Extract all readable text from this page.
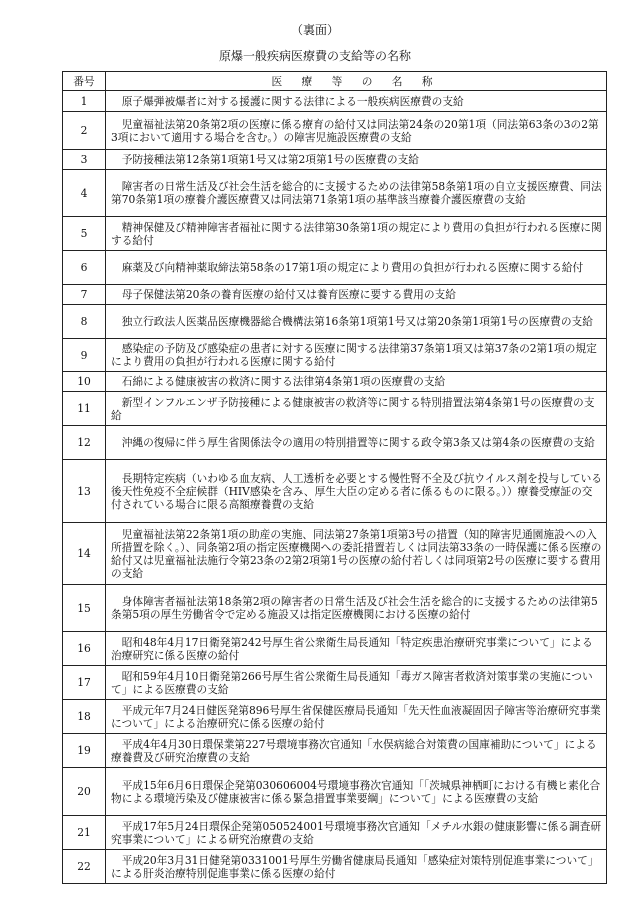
（裏面）
原爆一般疾病医療費の支給等の名称
番号	医 療 等 の 名 称
1	原子爆弾被爆者に対する援護に関する法律による一般疾病医療費の支給
2	児童福祉法第20条第2項の医療に係る療育の給付又は同法第24条の20第1項（同法第63条の3の2第3項において適用する場合を含む。）の障害児施設医療費の支給
3	予防接種法第12条第1項第1号又は第2項第1号の医療費の支給
4	障害者の日常生活及び社会生活を総合的に支援するための法律第58条第1項の自立支援医療費、同法第70条第1項の療養介護医療費又は同法第71条第1項の基準該当療養介護医療費の支給
5	精神保健及び精神障害者福祉に関する法律第30条第1項の規定により費用の負担が行われる医療に関する給付
6	麻薬及び向精神薬取締法第58条の17第1項の規定により費用の負担が行われる医療に関する給付
7	母子保健法第20条の養育医療の給付又は養育医療に要する費用の支給
8	独立行政法人医薬品医療機器総合機構法第16条第1項第1号又は第20条第1項第1号の医療費の支給
9	感染症の予防及び感染症の患者に対する医療に関する法律第37条第1項又は第37条の2第1項の規定により費用の負担が行われる医療に関する給付
10	石綿による健康被害の救済に関する法律第4条第1項の医療費の支給
11	新型インフルエンザ予防接種による健康被害の救済等に関する特別措置法第4条第1号の医療費の支給
12	沖縄の復帰に伴う厚生省関係法令の適用の特別措置等に関する政令第3条又は第4条の医療費の支給
13	長期特定疾病（いわゆる血友病、人工透析を必要とする慢性腎不全及び抗ウイルス剤を投与している後天性免疫不全症候群（HIV感染を含み、厚生大臣の定める者に係るものに限る。））療養受療証の交付されている場合に限る高額療養費の支給
14	児童福祉法第22条第1項の助産の実施、同法第27条第1項第3号の措置（知的障害児通園施設への入所措置を除く。）、同条第2項の指定医療機関への委託措置若しくは同法第33条の一時保護に係る医療の給付又は児童福祉法施行令第23条の2第2項第1号の医療の給付若しくは同項第2号の医療に要する費用の支給
15	身体障害者福祉法第18条第2項の障害者の日常生活及び社会生活を総合的に支援するための法律第5条第5項の厚生労働省令で定める施設又は指定医療機関における医療の給付
16	昭和48年4月17日衛発第242号厚生省公衆衛生局長通知「特定疾患治療研究事業について」による治療研究に係る医療の給付
17	昭和59年4月10日衛発第266号厚生省公衆衛生局長通知「毒ガス障害者救済対策事業の実施について」による医療費の支給
18	平成元年7月24日健医発第896号厚生省保健医療局長通知「先天性血液凝固因子障害等治療研究事業について」による治療研究に係る医療の給付
19	平成4年4月30日環保業第227号環境事務次官通知「水俣病総合対策費の国庫補助について」による療養費及び研究治療費の支給
20	平成15年6月6日環保企発第030606004号環境事務次官通知「「茨城県神栖町における有機ヒ素化合物による環境汚染及び健康被害に係る緊急措置事業要綱」について」による医療費の支給
21	平成17年5月24日環保企発第050524001号環境事務次官通知「メチル水銀の健康影響に係る調査研究事業について」による研究治療費の支給
22	平成20年3月31日健発第0331001号厚生労働省健康局長通知「感染症対策特別促進事業について」による肝炎治療特別促進事業に係る医療の給付
